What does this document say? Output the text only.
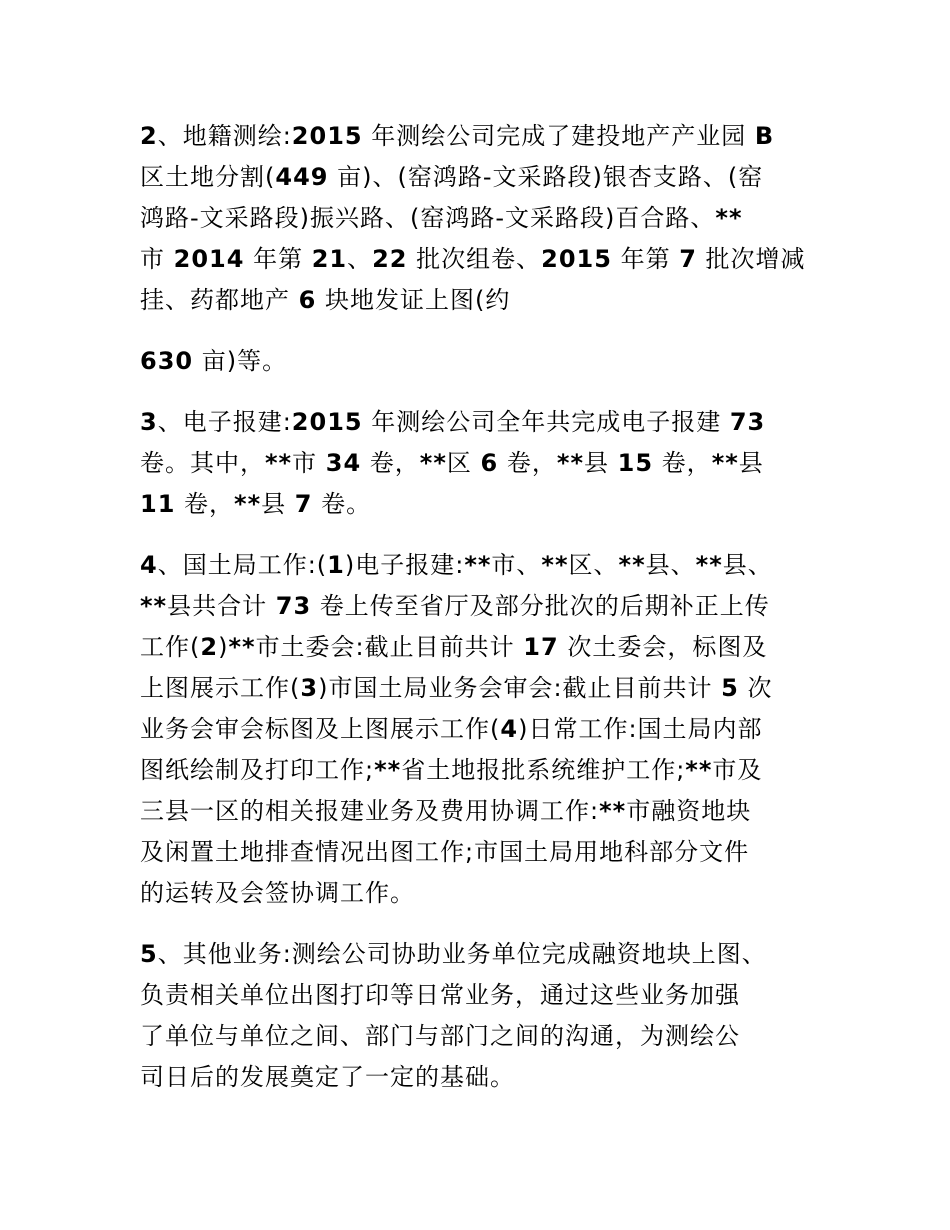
2、地籍测绘:2015 年测绘公司完成了建投地产产业园 B
区土地分割(449 亩)、(窑鸿路-文采路段)银杏支路、(窑
鸿路-文采路段)振兴路、(窑鸿路-文采路段)百合路、**
市 2014 年第 21、22 批次组卷、2015 年第 7 批次增减
挂、药都地产 6 块地发证上图(约
630 亩)等。
3、电子报建:2015 年测绘公司全年共完成电子报建 73
卷。其中，**市 34 卷，**区 6 卷，**县 15 卷，**县
11 卷，**县 7 卷。
4、国土局工作:(1)电子报建:**市、**区、**县、**县、
**县共合计 73 卷上传至省厅及部分批次的后期补正上传
工作(2)**市土委会:截止目前共计 17 次土委会，标图及
上图展示工作(3)市国土局业务会审会:截止目前共计 5 次
业务会审会标图及上图展示工作(4)日常工作:国土局内部
图纸绘制及打印工作;**省土地报批系统维护工作;**市及
三县一区的相关报建业务及费用协调工作:**市融资地块
及闲置土地排查情况出图工作;市国土局用地科部分文件
的运转及会签协调工作。
5、其他业务:测绘公司协助业务单位完成融资地块上图、
负责相关单位出图打印等日常业务，通过这些业务加强
了单位与单位之间、部门与部门之间的沟通，为测绘公
司日后的发展奠定了一定的基础。
